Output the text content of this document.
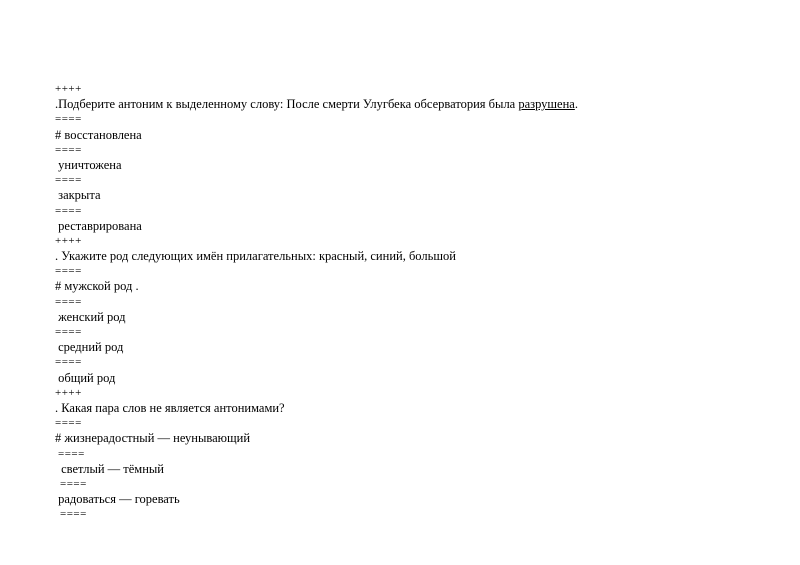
++++
.Подберите антоним к выделенному слову: После смерти Улугбека обсерватория была разрушена.
====
# восстановлена
====
уничтожена
====
закрыта
====
реставрирована
++++
. Укажите род следующих имён прилагательных: красный, синий, большой
====
# мужской род .
====
женский род
====
средний род
====
общий род
++++
. Какая пара слов не является антонимами?
====
# жизнерадостный — неунывающий
====
светлый — тёмный
====
радоваться — горевать
====
